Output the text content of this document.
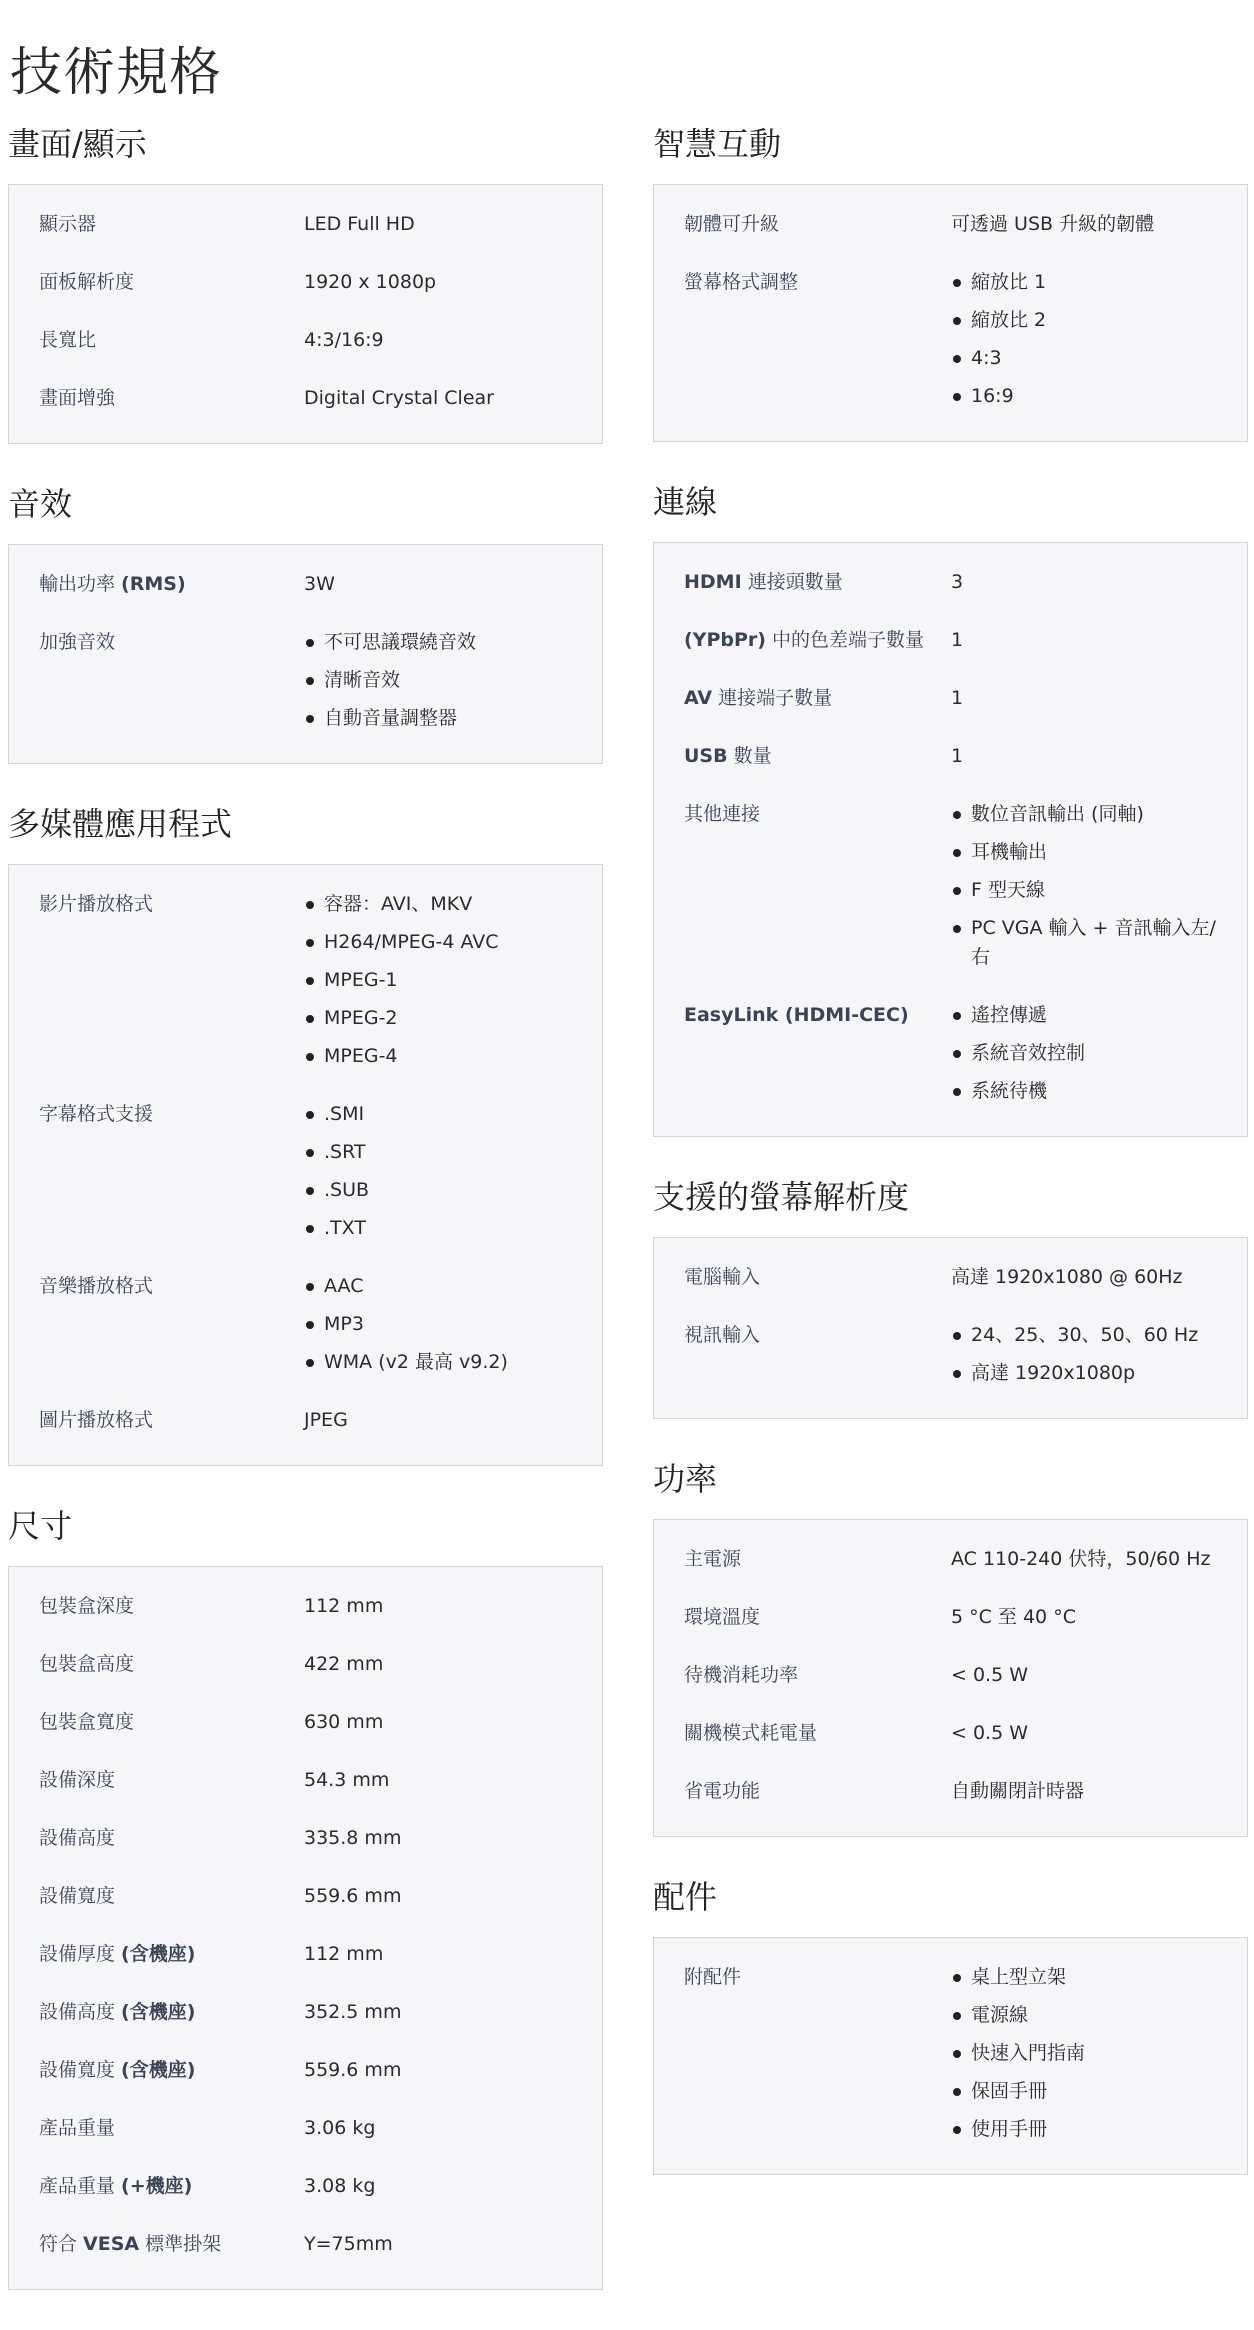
技術規格
畫面/顯示
顯示器	LED Full HD
面板解析度	1920 x 1080p
長寬比	4:3/16:9
畫面增強	Digital Crystal Clear
音效
輸出功率 (RMS)	3W
加強音效	不可思議環繞音效
清晰音效
自動音量調整器
多媒體應用程式
影片播放格式	容器：AVI、MKV
H264/MPEG-4 AVC
MPEG-1
MPEG-2
MPEG-4
字幕格式支援	.SMI
.SRT
.SUB
.TXT
音樂播放格式	AAC
MP3
WMA (v2 最高 v9.2)
圖片播放格式	JPEG
尺寸
包裝盒深度	112 mm
包裝盒高度	422 mm
包裝盒寬度	630 mm
設備深度	54.3 mm
設備高度	335.8 mm
設備寬度	559.6 mm
設備厚度 (含機座)	112 mm
設備高度 (含機座)	352.5 mm
設備寬度 (含機座)	559.6 mm
產品重量	3.06 kg
產品重量 (+機座)	3.08 kg
符合 VESA 標準掛架	Y=75mm
智慧互動
韌體可升級	可透過 USB 升級的韌體
螢幕格式調整	縮放比 1
縮放比 2
4:3
16:9
連線
HDMI 連接頭數量	3
(YPbPr) 中的色差端子數量	1
AV 連接端子數量	1
USB 數量	1
其他連接	數位音訊輸出 (同軸)
耳機輸出
F 型天線
PC VGA 輸入 + 音訊輸入左/右
EasyLink (HDMI-CEC)	遙控傳遞
系統音效控制
系統待機
支援的螢幕解析度
電腦輸入	高達 1920x1080 @ 60Hz
視訊輸入	24、25、30、50、60 Hz
高達 1920x1080p
功率
主電源	AC 110-240 伏特，50/60 Hz
環境溫度	5 °C 至 40 °C
待機消耗功率	< 0.5 W
關機模式耗電量	< 0.5 W
省電功能	自動關閉計時器
配件
附配件	桌上型立架
電源線
快速入門指南
保固手冊
使用手冊
